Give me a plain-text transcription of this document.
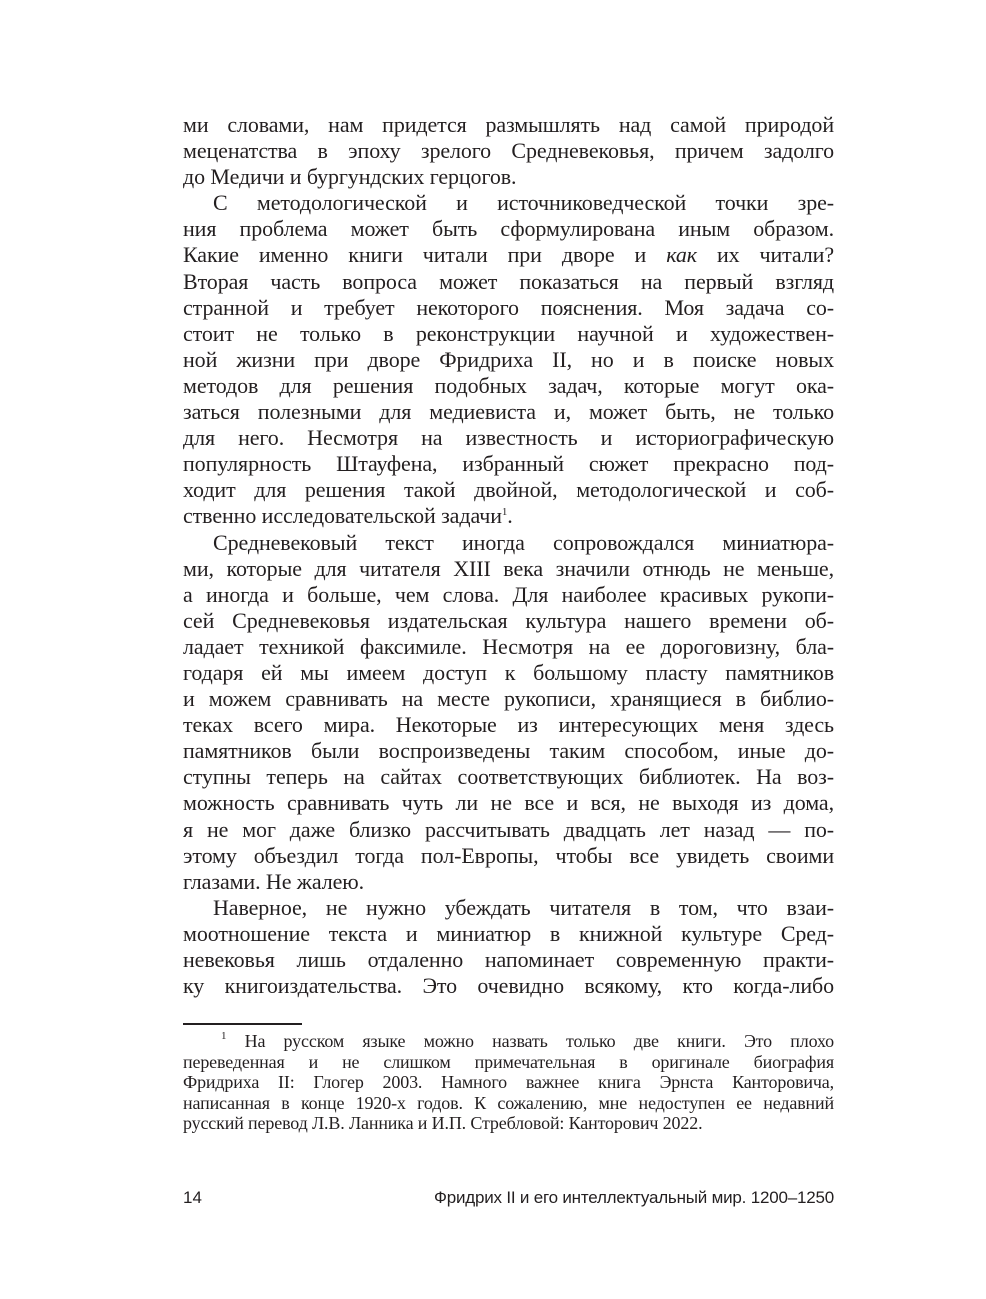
ми словами, нам придется размышлять над самой природой
меценатства в эпоху зрелого Средневековья, причем задолго
до Медичи и бургундских герцогов.
С методологической и источниковедческой точки зре-
ния проблема может быть сформулирована иным образом.
Какие именно книги читали при дворе и как их читали?
Вторая часть вопроса может показаться на первый взгляд
странной и требует некоторого пояснения. Моя задача со-
стоит не только в реконструкции научной и художествен-
ной жизни при дворе Фридриха II, но и в поиске новых
методов для решения подобных задач, которые могут ока-
заться полезными для медиевиста и, может быть, не только
для него. Несмотря на известность и историографическую
популярность Штауфена, избранный сюжет прекрасно под-
ходит для решения такой двойной, методологической и соб-
ственно исследовательской задачи$^1$.
Средневековый текст иногда сопровождался миниатюра-
ми, которые для читателя XIII века значили отнюдь не меньше,
а иногда и больше, чем слова. Для наиболее красивых рукопи-
сей Средневековья издательская культура нашего времени об-
ладает техникой факсимиле. Несмотря на ее дороговизну, бла-
годаря ей мы имеем доступ к большому пласту памятников
и можем сравнивать на месте рукописи, хранящиеся в библио-
теках всего мира. Некоторые из интересующих меня здесь
памятников были воспроизведены таким способом, иные до-
ступны теперь на сайтах соответствующих библиотек. На воз-
можность сравнивать чуть ли не все и вся, не выходя из дома,
я не мог даже близко рассчитывать двадцать лет назад — по-
этому объездил тогда пол-Европы, чтобы все увидеть своими
глазами. Не жалею.
Наверное, не нужно убеждать читателя в том, что взаи-
моотношение текста и миниатюр в книжной культуре Сред-
невековья лишь отдаленно напоминает современную практи-
ку книгоиздательства. Это очевидно всякому, кто когда-либо
$^1$ На русском языке можно назвать только две книги. Это плохо
переведенная и не слишком примечательная в оригинале биография
Фридриха II: Глогер 2003. Намного важнее книга Эрнста Канторовича,
написанная в конце 1920-х годов. К сожалению, мне недоступен ее недавний
русский перевод Л.В. Ланника и И.П. Стребловой: Канторович 2022.
14	Фридрих II и его интеллектуальный мир. 1200–1250
